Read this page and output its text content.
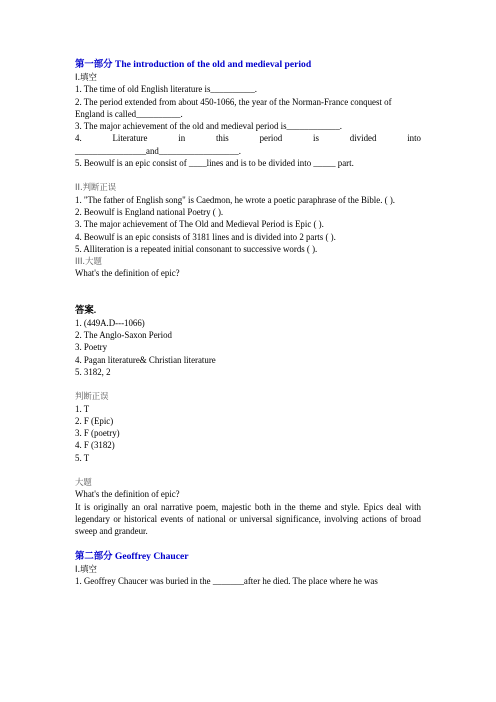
第一部分 The introduction of the old and medieval period
I.填空
1. The time of old English literature is__________.
2. The period extended from about 450-1066, the year of the Norman-France conquest of England is called__________.
3. The major achievement of the old and medieval period is____________.
4.	Literature	in	this	period	is	divided	into
________________and__________________.
5. Beowulf is an epic consist of ____lines and is to be divided into _____ part.
II.判断正误
1. "The father of English song" is Caedmon, he wrote a poetic paraphrase of the Bible. ( ).
2. Beowulf is England national Poetry ( ).
3. The major achievement of The Old and Medieval Period is Epic ( ).
4. Beowulf is an epic consists of 3181 lines and is divided into 2 parts ( ).
5. Alliteration is a repeated initial consonant to successive words ( ).
III.大题
What's the definition of epic?
答案.
1. (449A.D---1066)
2. The Anglo-Saxon Period
3. Poetry
4. Pagan literature& Christian literature
5. 3182, 2
判断正误
1. T
2. F (Epic)
3. F (poetry)
4. F (3182)
5. T
大题
What's the definition of epic?
It is originally an oral narrative poem, majestic both in the theme and style. Epics deal with legendary or historical events of national or universal significance, involving actions of broad sweep and grandeur.
第二部分 Geoffrey Chaucer
I.填空
1. Geoffrey Chaucer was buried in the _______after he died. The place where he was
